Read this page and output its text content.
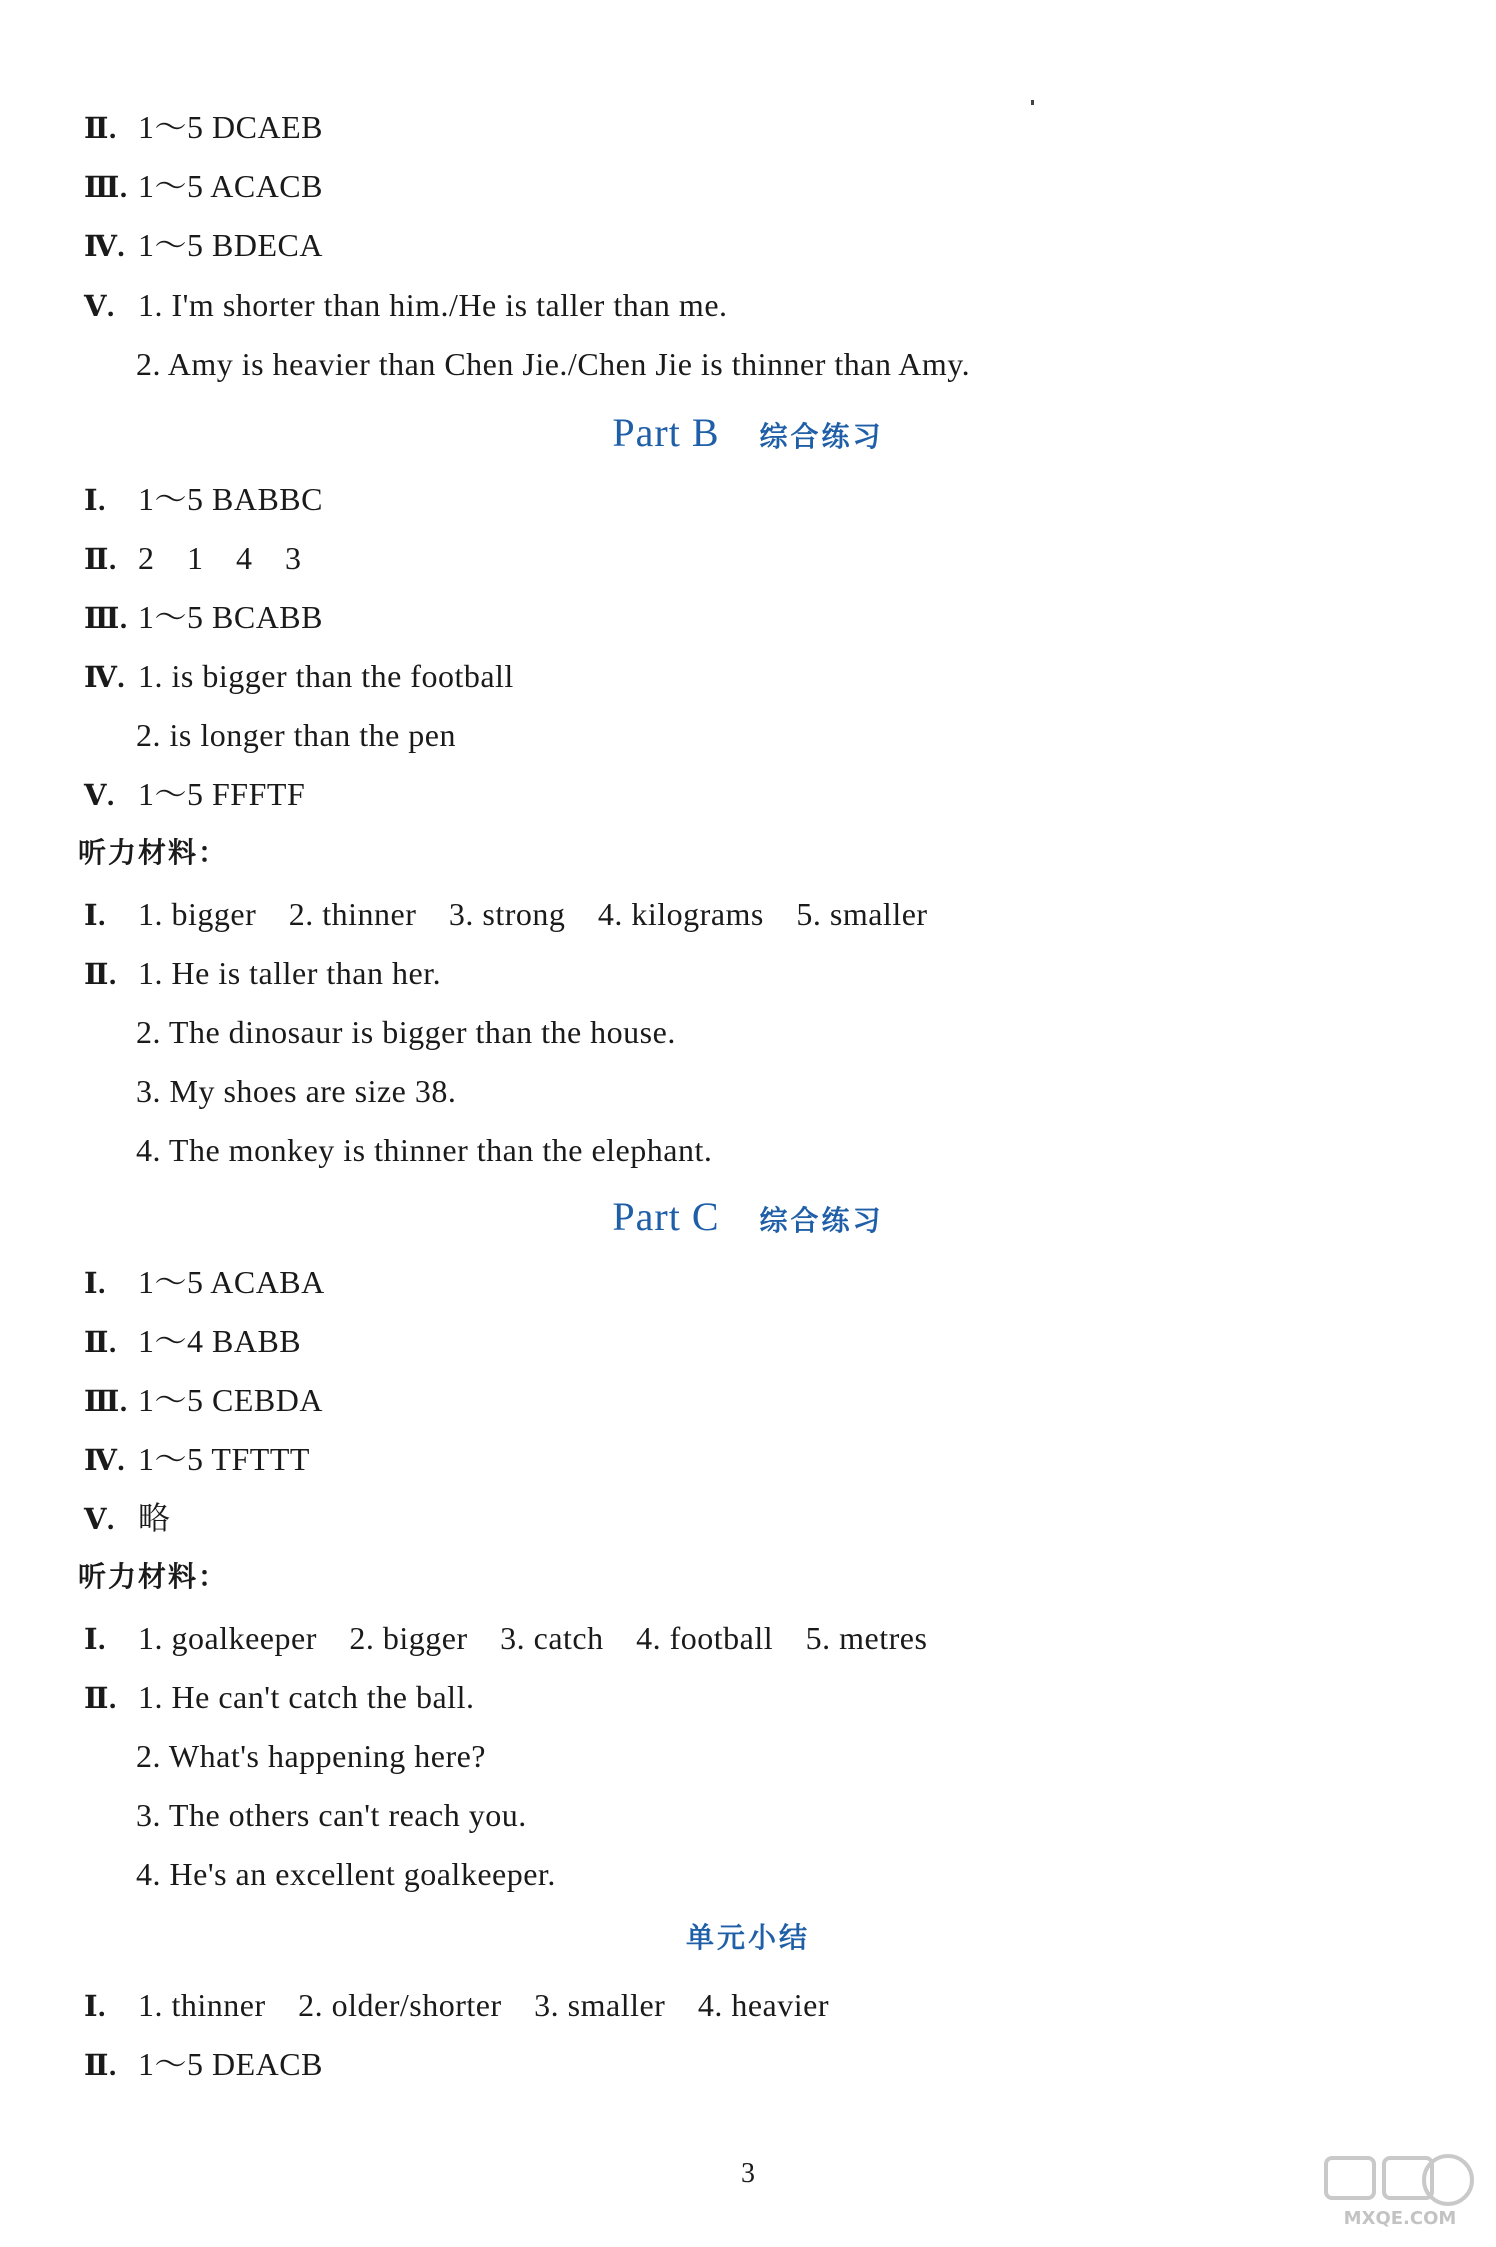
Ⅱ. 1～5 DCAEB
Ⅲ. 1～5 ACACB
Ⅳ. 1～5 BDECA
Ⅴ. 1. I'm shorter than him./He is taller than me.
2. Amy is heavier than Chen Jie./Chen Jie is thinner than Amy.
Part B 综合练习
Ⅰ. 1～5 BABBC
Ⅱ. 2　1　4　3
Ⅲ. 1～5 BCABB
Ⅳ. 1. is bigger than the football
2. is longer than the pen
Ⅴ. 1～5 FFFTF
听力材料：
Ⅰ. 1. bigger　2. thinner　3. strong　4. kilograms　5. smaller
Ⅱ. 1. He is taller than her.
2. The dinosaur is bigger than the house.
3. My shoes are size 38.
4. The monkey is thinner than the elephant.
Part C 综合练习
Ⅰ. 1～5 ACABA
Ⅱ. 1～4 BABB
Ⅲ. 1～5 CEBDA
Ⅳ. 1～5 TFTTT
Ⅴ. 略
听力材料：
Ⅰ. 1. goalkeeper　2. bigger　3. catch　4. football　5. metres
Ⅱ. 1. He can't catch the ball.
2. What's happening here?
3. The others can't reach you.
4. He's an excellent goalkeeper.
单元小结
Ⅰ. 1. thinner　2. older/shorter　3. smaller　4. heavier
Ⅱ. 1～5 DEACB
3
MXQE.COM
